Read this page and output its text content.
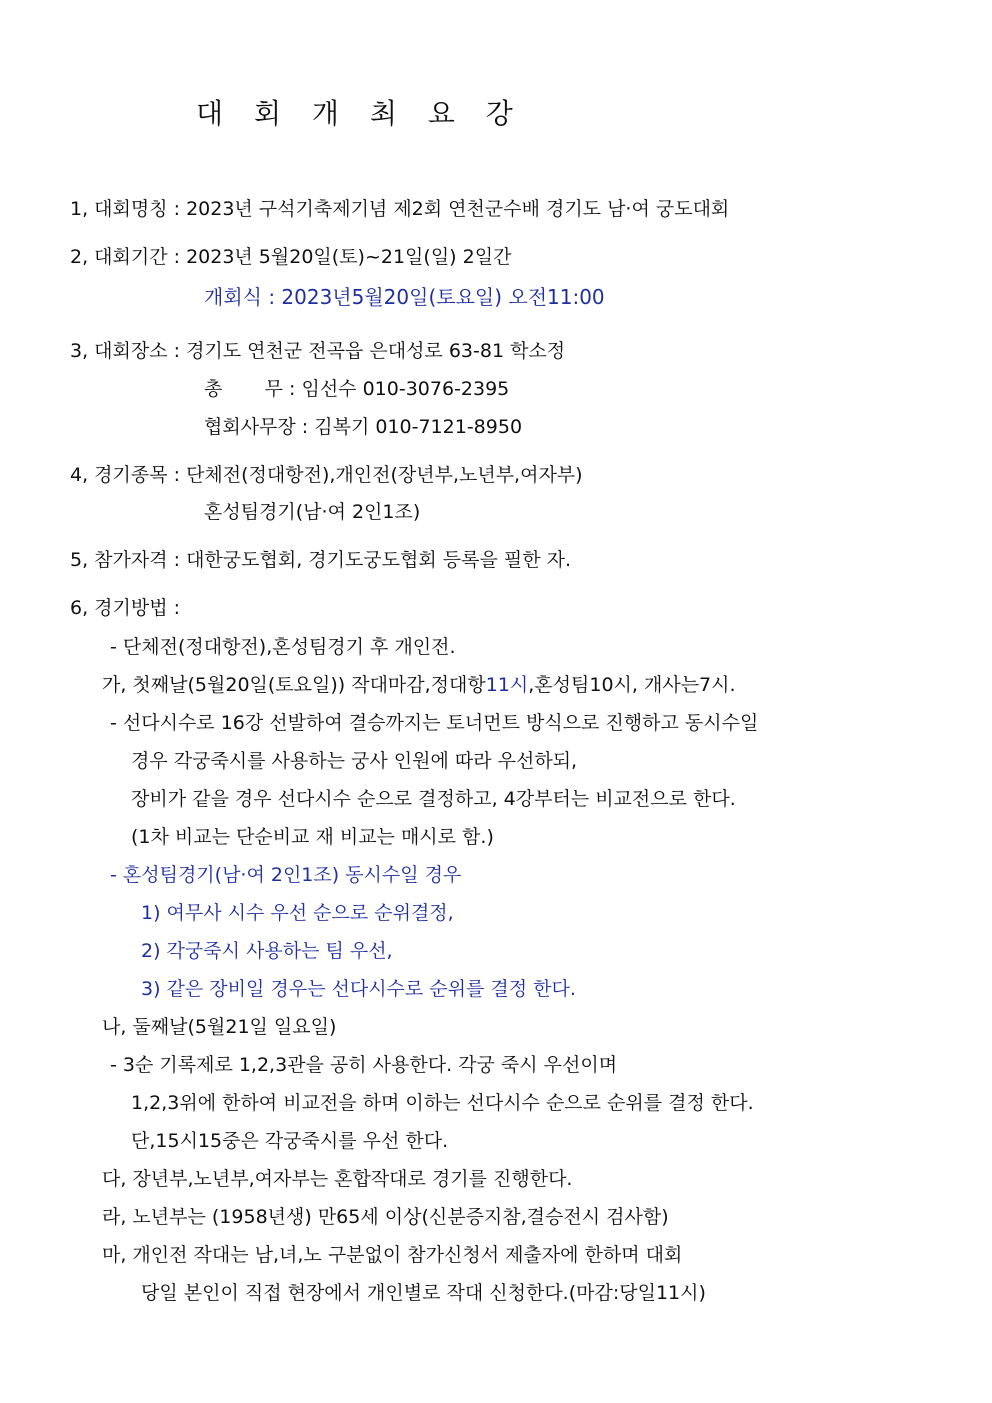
대 회 개 최 요 강
1, 대회명칭 : 2023년 구석기축제기념 제2회 연천군수배 경기도 남·여 궁도대회
2, 대회기간 : 2023년 5월20일(토)~21일(일) 2일간
개회식 : 2023년5월20일(토요일) 오전11:00
3, 대회장소 : 경기도 연천군 전곡읍 은대성로 63-81 학소정
총       무 : 임선수 010-3076-2395
협회사무장 : 김복기 010-7121-8950
4, 경기종목 : 단체전(정대항전),개인전(장년부,노년부,여자부)
혼성팀경기(남·여 2인1조)
5, 참가자격 : 대한궁도협회, 경기도궁도협회 등록을 필한 자.
6, 경기방법 :
- 단체전(정대항전),혼성팀경기 후 개인전.
가, 첫째날(5월20일(토요일)) 작대마감,정대항11시,혼성팀10시, 개사는7시.
- 선다시수로 16강 선발하여 결승까지는 토너먼트 방식으로 진행하고 동시수일
경우 각궁죽시를 사용하는 궁사 인원에 따라 우선하되,
장비가 같을 경우 선다시수 순으로 결정하고, 4강부터는 비교전으로 한다.
(1차 비교는 단순비교 재 비교는 매시로 함.)
- 혼성팀경기(남·여 2인1조) 동시수일 경우
1) 여무사 시수 우선 순으로 순위결정,
2) 각궁죽시 사용하는 팀 우선,
3) 같은 장비일 경우는 선다시수로 순위를 결정 한다.
나, 둘째날(5월21일 일요일)
- 3순 기록제로 1,2,3관을 공히 사용한다. 각궁 죽시 우선이며
1,2,3위에 한하여 비교전을 하며 이하는 선다시수 순으로 순위를 결정 한다.
단,15시15중은 각궁죽시를 우선 한다.
다, 장년부,노년부,여자부는 혼합작대로 경기를 진행한다.
라, 노년부는 (1958년생) 만65세 이상(신분증지참,결승전시 검사함)
마, 개인전 작대는 남,녀,노 구분없이 참가신청서 제출자에 한하며 대회
당일 본인이 직접 현장에서 개인별로 작대 신청한다.(마감:당일11시)
